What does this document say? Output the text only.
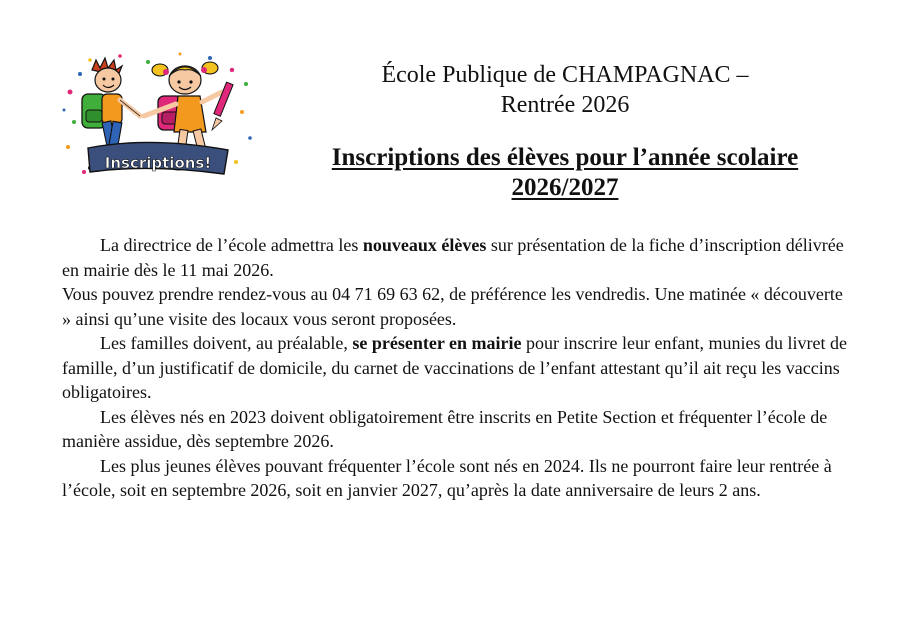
Inscriptions!
École Publique de CHAMPAGNAC –
Rentrée 2026
Inscriptions des élèves pour l’année scolaire
2026/2027

La directrice de l’école admettra les nouveaux élèves sur présentation de la fiche d’inscription délivrée en mairie dès le 11 mai 2026.

Vous pouvez prendre rendez-vous au 04 71 69 63 62, de préférence les vendredis. Une matinée « découverte » ainsi qu’une visite des locaux vous seront proposées.

Les familles doivent, au préalable, se présenter en mairie pour inscrire leur enfant, munies du livret de famille, d’un justificatif de domicile, du carnet de vaccinations de l’enfant attestant qu’il ait reçu les vaccins obligatoires.

Les élèves nés en 2023 doivent obligatoirement être inscrits en Petite Section et fréquenter l’école de manière assidue, dès septembre 2026.

Les plus jeunes élèves pouvant fréquenter l’école sont nés en 2024. Ils ne pourront faire leur rentrée à l’école, soit en septembre 2026, soit en janvier 2027, qu’après la date anniversaire de leurs 2 ans.
